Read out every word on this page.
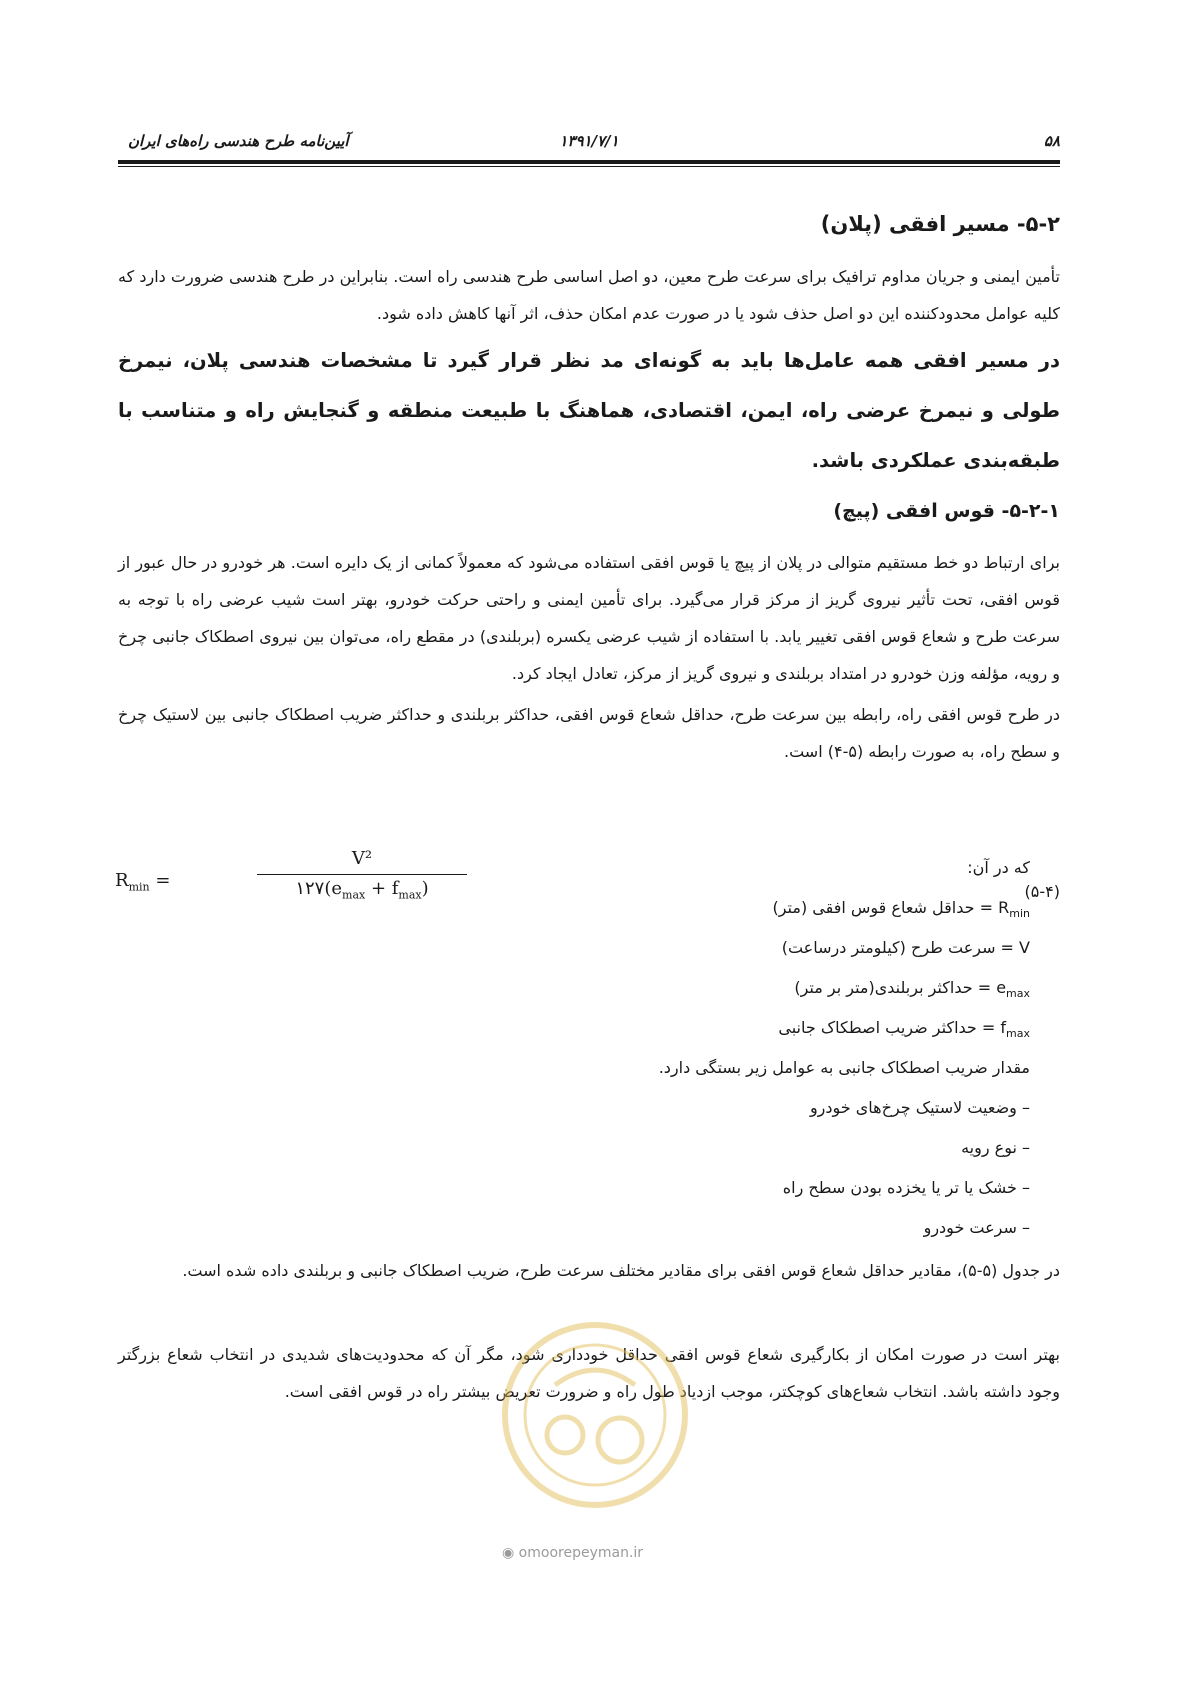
۵۸
۱۳۹۱/۷/۱
آیین‌نامه طرح هندسی راه‌های ایران
۵-۲- مسیر افقی (پلان)
تأمین ایمنی و جریان مداوم ترافیک برای سرعت طرح معین، دو اصل اساسی طرح هندسی راه است. بنابراین در طرح هندسی ضرورت دارد که کلیه عوامل محدودکننده این دو اصل حذف شود یا در صورت عدم امکان حذف، اثر آنها کاهش داده شود.
در مسیر افقی همه عامل‌ها باید به گونه‌ای مد نظر قرار گیرد تا مشخصات هندسی پلان، نیمرخ طولی و نیمرخ عرضی راه، ایمن، اقتصادی، هماهنگ با طبیعت منطقه و گنجایش راه و متناسب با طبقه‌بندی عملکردی باشد.
۵-۲-۱- قوس افقی (پیچ)
برای ارتباط دو خط مستقیم متوالی در پلان از پیچ یا قوس افقی استفاده می‌شود که معمولاً کمانی از یک دایره است. هر خودرو در حال عبور از قوس افقی، تحت تأثیر نیروی گریز از مرکز قرار می‌گیرد. برای تأمین ایمنی و راحتی حرکت خودرو، بهتر است شیب عرضی راه با توجه به سرعت طرح و شعاع قوس افقی تغییر یابد. با استفاده از شیب عرضی یکسره (بربلندی) در مقطع راه، می‌توان بین نیروی اصطکاک جانبی چرخ و رویه، مؤلفه وزن خودرو در امتداد بربلندی و نیروی گریز از مرکز، تعادل ایجاد کرد.
در طرح قوس افقی راه، رابطه بین سرعت طرح، حداقل شعاع قوس افقی، حداکثر بربلندی و حداکثر ضریب اصطکاک جانبی بین لاستیک چرخ و سطح راه، به صورت رابطه (۵-۴) است.
$R_{min}$ =
V²
$۱۲۷(e_{max} + f_{max})$	(۵-۴)
که در آن:
$R_{min}$ = حداقل شعاع قوس افقی (متر)
V = سرعت طرح (کیلومتر درساعت)
$e_{max}$ = حداکثر بربلندی(متر بر متر)
$f_{max}$ = حداکثر ضریب اصطکاک جانبی
مقدار ضریب اصطکاک جانبی به عوامل زیر بستگی دارد.
– وضعیت لاستیک چرخ‌های خودرو
– نوع رویه
– خشک یا تر یا یخزده بودن سطح راه
– سرعت خودرو
در جدول (۵-۵)، مقادیر حداقل شعاع قوس افقی برای مقادیر مختلف سرعت طرح، ضریب اصطکاک جانبی و بربلندی داده شده است.
بهتر است در صورت امکان از بکارگیری شعاع قوس افقی حداقل خودداری شود، مگر آن که محدودیت‌های شدیدی در انتخاب شعاع بزرگتر وجود داشته باشد. انتخاب شعاع‌های کوچکتر، موجب ازدیاد طول راه و ضرورت تعریض بیشتر راه در قوس افقی است.
◉ omoorepeyman.ir
